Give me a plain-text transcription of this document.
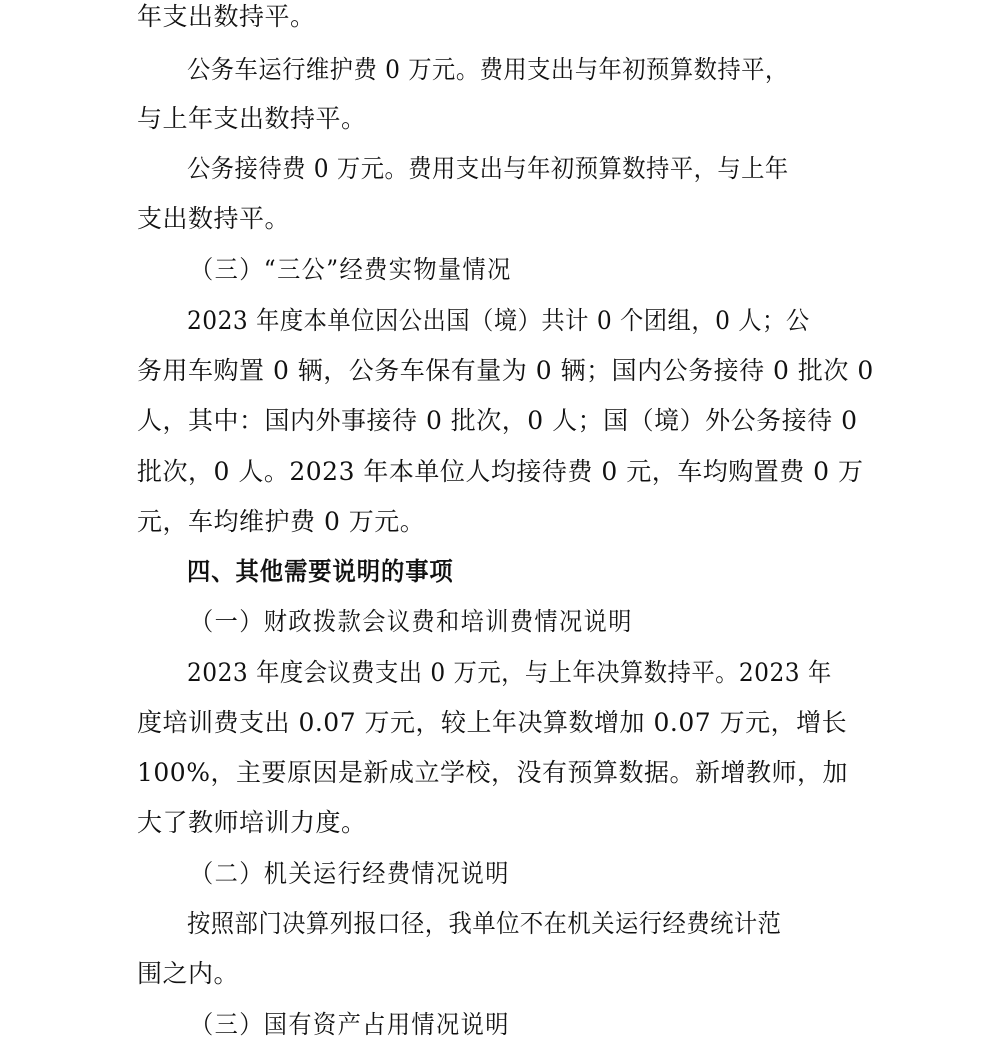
年支出数持平。
公务车运行维护费 0 万元。费用支出与年初预算数持平，
与上年支出数持平。
公务接待费 0 万元。费用支出与年初预算数持平，与上年
支出数持平。
（三）“三公”经费实物量情况
2023 年度本单位因公出国（境）共计 0 个团组，0 人；公
务用车购置 0 辆，公务车保有量为 0 辆；国内公务接待 0 批次 0
人，其中：国内外事接待 0 批次，0 人；国（境）外公务接待 0
批次，0 人。2023 年本单位人均接待费 0 元，车均购置费 0 万
元，车均维护费 0 万元。
四、其他需要说明的事项
（一）财政拨款会议费和培训费情况说明
2023 年度会议费支出 0 万元，与上年决算数持平。2023 年
度培训费支出 0.07 万元，较上年决算数增加 0.07 万元，增长
100%，主要原因是新成立学校，没有预算数据。新增教师，加
大了教师培训力度。
（二）机关运行经费情况说明
按照部门决算列报口径，我单位不在机关运行经费统计范
围之内。
（三）国有资产占用情况说明
